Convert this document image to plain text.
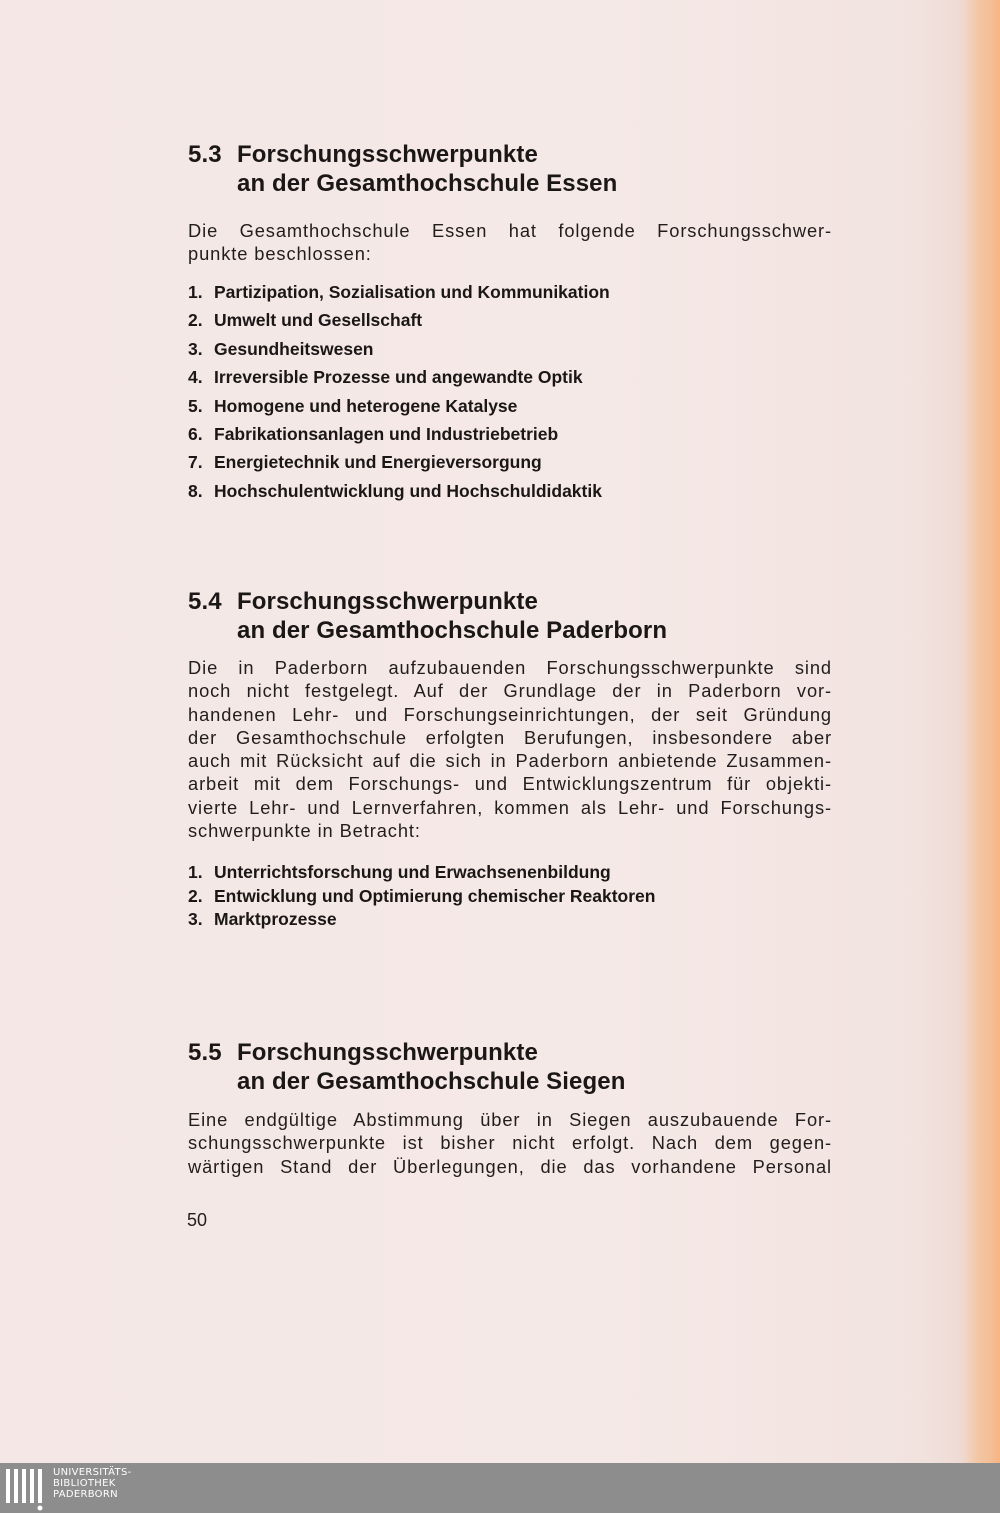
5.3 Forschungsschwerpunkte
an der Gesamthochschule Essen
Die Gesamthochschule Essen hat folgende Forschungsschwer-
punkte beschlossen:
1. Partizipation, Sozialisation und Kommunikation
2. Umwelt und Gesellschaft
3. Gesundheitswesen
4. Irreversible Prozesse und angewandte Optik
5. Homogene und heterogene Katalyse
6. Fabrikationsanlagen und Industriebetrieb
7. Energietechnik und Energieversorgung
8. Hochschulentwicklung und Hochschuldidaktik
5.4 Forschungsschwerpunkte
an der Gesamthochschule Paderborn
Die in Paderborn aufzubauenden Forschungsschwerpunkte sind
noch nicht festgelegt. Auf der Grundlage der in Paderborn vor-
handenen Lehr- und Forschungseinrichtungen, der seit Gründung
der Gesamthochschule erfolgten Berufungen, insbesondere aber
auch mit Rücksicht auf die sich in Paderborn anbietende Zusammen-
arbeit mit dem Forschungs- und Entwicklungszentrum für objekti-
vierte Lehr- und Lernverfahren, kommen als Lehr- und Forschungs-
schwerpunkte in Betracht:
1. Unterrichtsforschung und Erwachsenenbildung
2. Entwicklung und Optimierung chemischer Reaktoren
3. Marktprozesse
5.5 Forschungsschwerpunkte
an der Gesamthochschule Siegen
Eine endgültige Abstimmung über in Siegen auszubauende For-
schungsschwerpunkte ist bisher nicht erfolgt. Nach dem gegen-
wärtigen Stand der Überlegungen, die das vorhandene Personal
50
UNIVERSITÄTS-
BIBLIOTHEK
PADERBORN
